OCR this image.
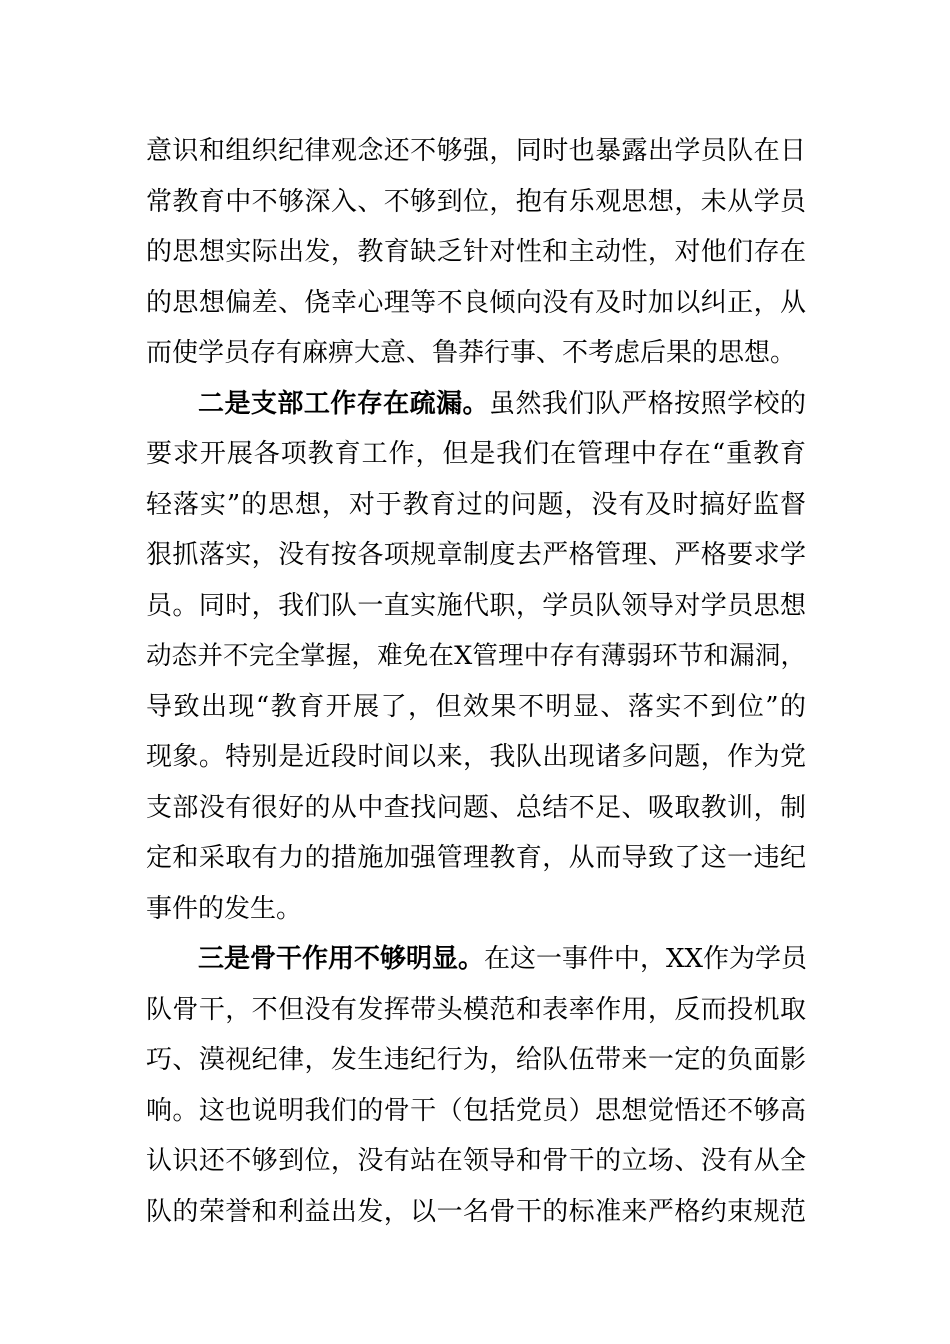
意识和组织纪律观念还不够强，同时也暴露出学员队在日
常教育中不够深入、不够到位，抱有乐观思想，未从学员
的思想实际出发，教育缺乏针对性和主动性，对他们存在
的思想偏差、侥幸心理等不良倾向没有及时加以纠正，从
而使学员存有麻痹大意、鲁莽行事、不考虑后果的思想。
二是支部工作存在疏漏。虽然我们队严格按照学校的
要求开展各项教育工作，但是我们在管理中存在“重教育
轻落实”的思想，对于教育过的问题，没有及时搞好监督
狠抓落实，没有按各项规章制度去严格管理、严格要求学
员。同时，我们队一直实施代职，学员队领导对学员思想
动态并不完全掌握，难免在X管理中存有薄弱环节和漏洞，
导致出现“教育开展了，但效果不明显、落实不到位”的
现象。特别是近段时间以来，我队出现诸多问题，作为党
支部没有很好的从中查找问题、总结不足、吸取教训，制
定和采取有力的措施加强管理教育，从而导致了这一违纪
事件的发生。
三是骨干作用不够明显。在这一事件中，XX作为学员
队骨干，不但没有发挥带头模范和表率作用，反而投机取
巧、漠视纪律，发生违纪行为，给队伍带来一定的负面影
响。这也说明我们的骨干（包括党员）思想觉悟还不够高
认识还不够到位，没有站在领导和骨干的立场、没有从全
队的荣誉和利益出发，以一名骨干的标准来严格约束规范
